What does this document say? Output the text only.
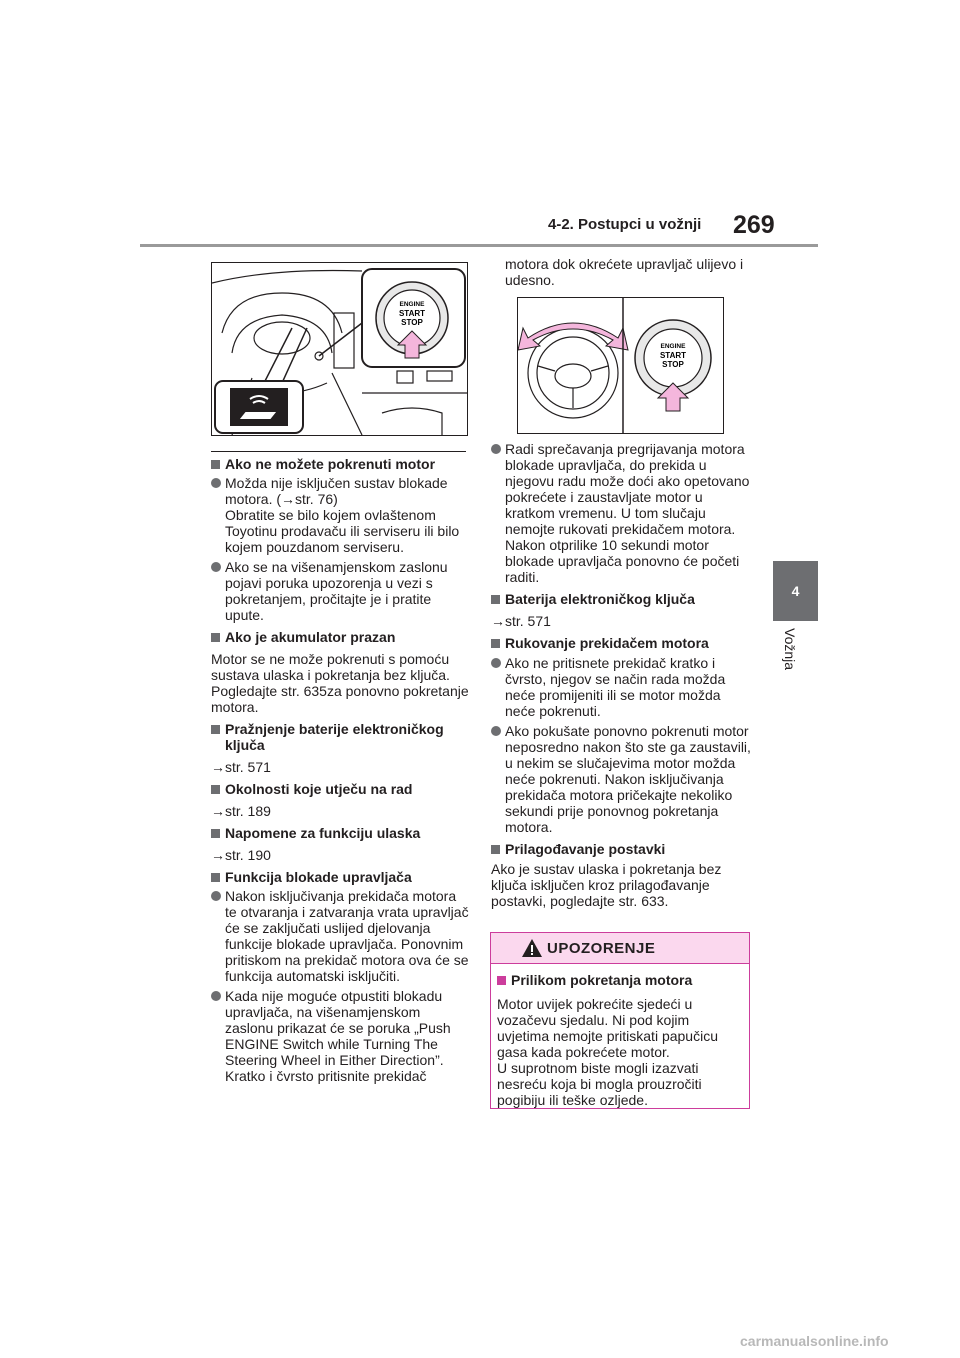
4-2. Postupci u vožnji 269
4
Vožnja
ENGINE
START
STOP
ENGINE
START
STOP

Ako ne možete pokrenuti motor

Možda nije isključen sustav blokade motora. (→str. 76)
Obratite se bilo kojem ovlaštenom Toyotinu prodavaču ili serviseru ili bilo kojem pouzdanom serviseru.

Ako se na višenamjenskom zaslonu pojavi poruka upozorenja u vezi s pokretanjem, pročitajte je i pratite upute.

Ako je akumulator prazan

Motor se ne može pokrenuti s pomoću sustava ulaska i pokretanja bez ključa. Pogledajte str. 635za ponovno pokretanje motora.

Pražnjenje baterije elektroničkog ključa

→str. 571

Okolnosti koje utječu na rad

→str. 189

Napomene za funkciju ulaska

→str. 190

Funkcija blokade upravljača

Nakon isključivanja prekidača motora te otvaranja i zatvaranja vrata upravljač će se zaključati uslijed djelovanja funkcije blokade upravljača. Ponovnim pritiskom na prekidač motora ova će se funkcija automatski isključiti.

Kada nije moguće otpustiti blokadu upravljača, na višenamjenskom zaslonu prikazat će se poruka „Push ENGINE Switch while Turning The Steering Wheel in Either Direction”. Kratko i čvrsto pritisnite prekidač

motora dok okrećete upravljač ulijevo i udesno.

Radi sprečavanja pregrijavanja motora blokade upravljača, do prekida u njegovu radu može doći ako opetovano pokrećete i zaustavljate motor u kratkom vremenu. U tom slučaju nemojte rukovati prekidačem motora. Nakon otprilike 10 sekundi motor blokade upravljača ponovno će početi raditi.

Baterija elektroničkog ključa

→str. 571

Rukovanje prekidačem motora

Ako ne pritisnete prekidač kratko i čvrsto, njegov se način rada možda neće promijeniti ili se motor možda neće pokrenuti.

Ako pokušate ponovno pokrenuti motor neposredno nakon što ste ga zaustavili, u nekim se slučajevima motor možda neće pokrenuti. Nakon isključivanja prekidača motora pričekajte nekoliko sekundi prije ponovnog pokretanja motora.

Prilagođavanje postavki

Ako je sustav ulaska i pokretanja bez ključa isključen kroz prilagođavanje postavki, pogledajte str. 633.

UPOZORENJE

Prilikom pokretanja motora

Motor uvijek pokrećite sjedeći u vozačevu sjedalu. Ni pod kojim uvjetima nemojte pritiskati papučicu gasa kada pokrećete motor.
U suprotnom biste mogli izazvati nesreću koja bi mogla prouzročiti pogibiju ili teške ozljede.

carmanualsonline.info
